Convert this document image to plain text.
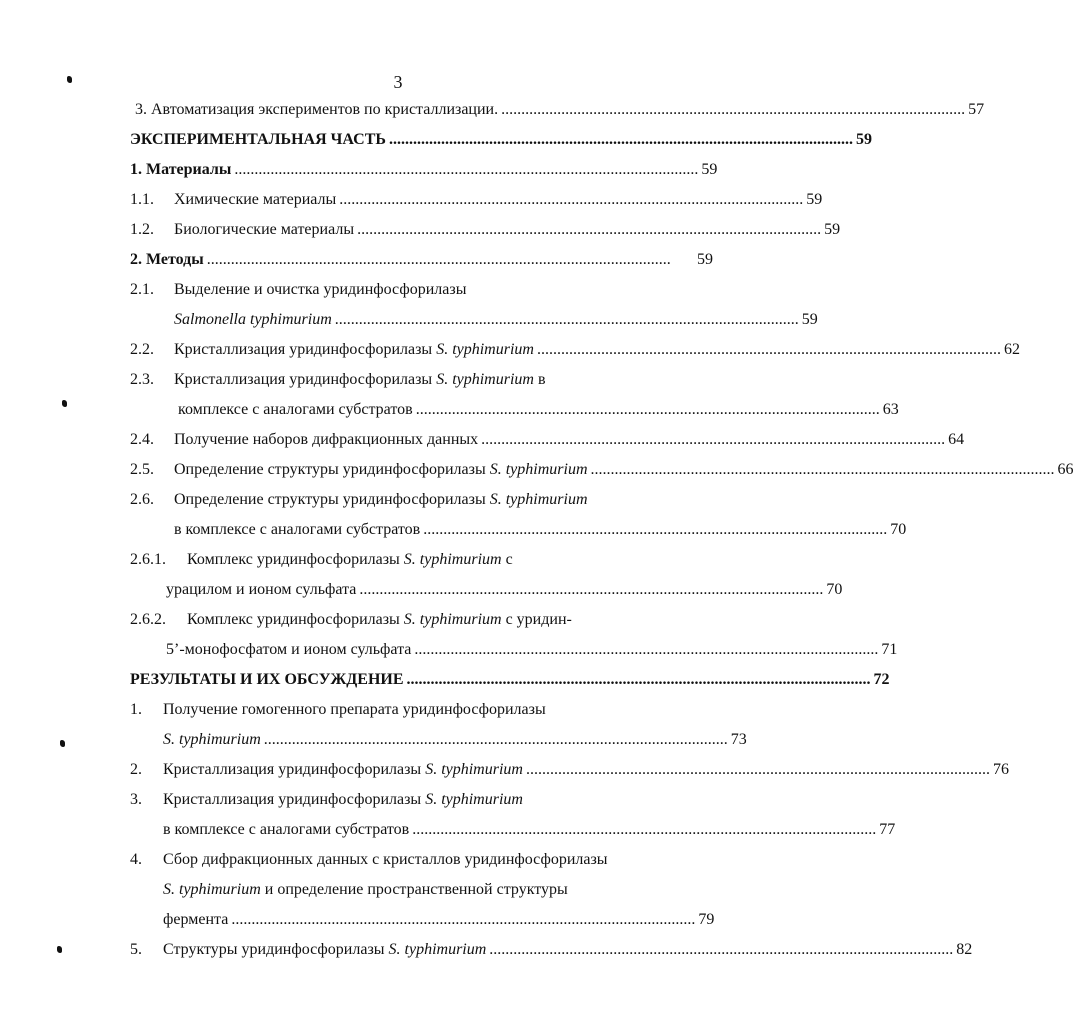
3
3. Автоматизация экспериментов по кристаллизации. .................................................................................................................... 57
ЭКСПЕРИМЕНТАЛЬНАЯ ЧАСТЬ .................................................................................................................... 59
1. Материалы .................................................................................................................... 59
1.1. Химические материалы .................................................................................................................... 59
1.2. Биологические материалы .................................................................................................................... 59
2. Методы ....................................................................................................................	59
2.1. Выделение и очистка уридинфосфорилазы
Salmonella typhimurium .................................................................................................................... 59
2.2. Кристаллизация уридинфосфорилазы S. typhimurium .................................................................................................................... 62
2.3. Кристаллизация уридинфосфорилазы S. typhimurium в
комплексе с аналогами субстратов .................................................................................................................... 63
2.4. Получение наборов дифракционных данных .................................................................................................................... 64
2.5. Определение структуры уридинфосфорилазы S. typhimurium .................................................................................................................... 66
2.6. Определение структуры уридинфосфорилазы S. typhimurium
в комплексе с аналогами субстратов .................................................................................................................... 70
2.6.1. Комплекс уридинфосфорилазы S. typhimurium с
урацилом и ионом сульфата .................................................................................................................... 70
2.6.2. Комплекс уридинфосфорилазы S. typhimurium с уридин-
5’-монофосфатом и ионом сульфата .................................................................................................................... 71
РЕЗУЛЬТАТЫ И ИХ ОБСУЖДЕНИЕ .................................................................................................................... 72
1. Получение гомогенного препарата уридинфосфорилазы
S. typhimurium .................................................................................................................... 73
2. Кристаллизация уридинфосфорилазы S. typhimurium .................................................................................................................... 76
3. Кристаллизация уридинфосфорилазы S. typhimurium
в комплексе с аналогами субстратов .................................................................................................................... 77
4. Сбор дифракционных данных с кристаллов уридинфосфорилазы
S. typhimurium и определение пространственной структуры
фермента .................................................................................................................... 79
5. Структуры уридинфосфорилазы S. typhimurium .................................................................................................................... 82
